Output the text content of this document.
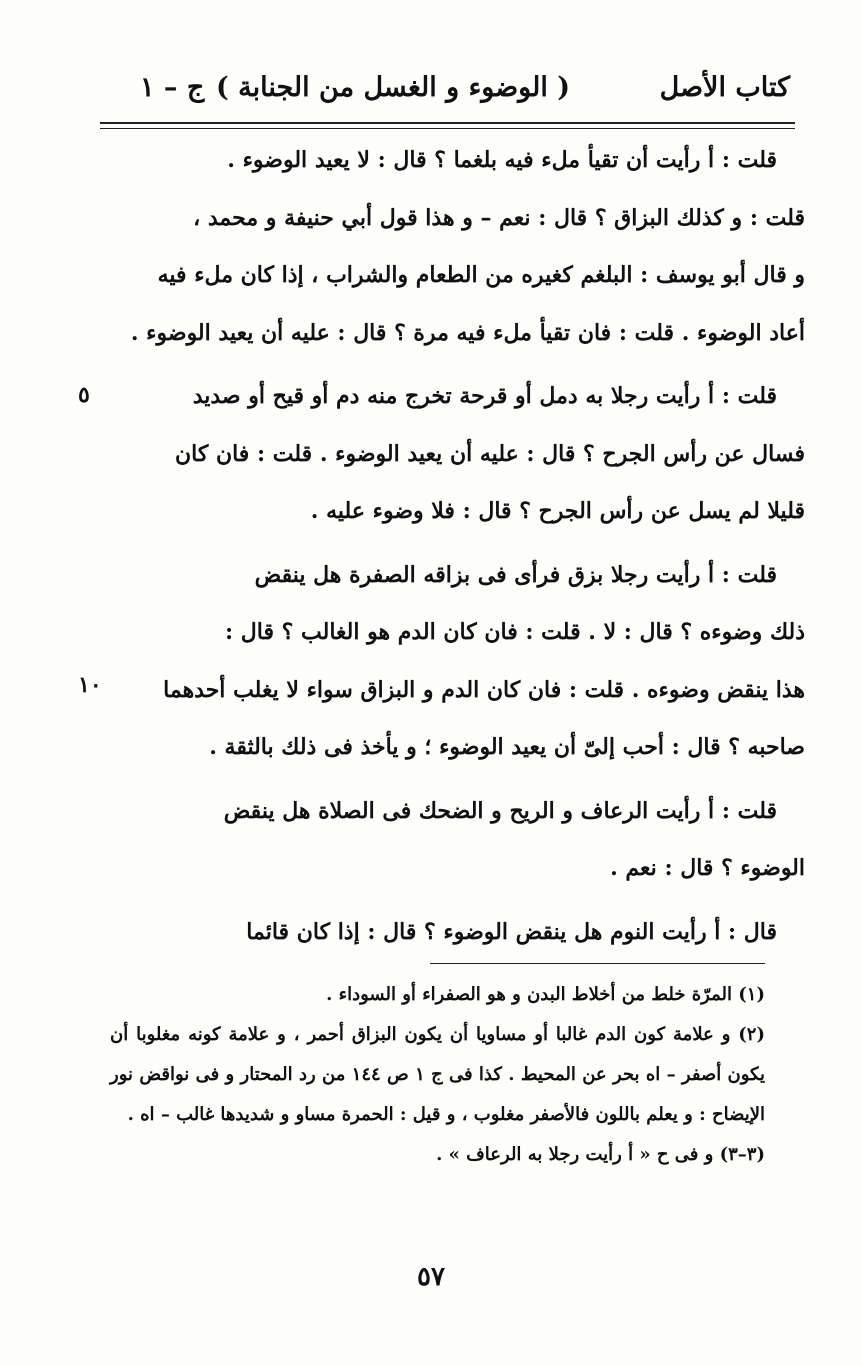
كتاب الأصل
( الوضوء و الغسل من الجنابة )
ج – ١

قلت : أ رأيت أن تقيأ ملء فيه بلغما ؟ قال : لا يعيد الوضوء .

قلت : و كذلك البزاق ؟ قال : نعم – و هذا قول أبي حنيفة و محمد ،

و قال أبو يوسف : البلغم كغيره من الطعام والشراب ، إذا كان ملء فيه

أعاد الوضوء . قلت : فان تقيأ ملء فيه مرة ؟ قال : عليه أن يعيد الوضوء .

قلت : أ رأيت رجلا به دمل أو قرحة تخرج منه دم أو قيح أو صديد

فسال عن رأس الجرح ؟ قال : عليه أن يعيد الوضوء . قلت : فان كان

قليلا لم يسل عن رأس الجرح ؟ قال : فلا وضوء عليه .

قلت : أ رأيت رجلا بزق فرأى فى بزاقه الصفرة هل ينقض

ذلك وضوءه ؟ قال : لا . قلت : فان كان الدم هو الغالب ؟ قال :

هذا ينقض وضوءه . قلت : فان كان الدم و البزاق سواء لا يغلب أحدهما

صاحبه ؟ قال : أحب إلىّ أن يعيد الوضوء ؛ و يأخذ فى ذلك بالثقة .

قلت : أ رأيت الرعاف و الريح و الضحك فى الصلاة هل ينقض

الوضوء ؟ قال : نعم .

قال : أ رأيت النوم هل ينقض الوضوء ؟ قال : إذا كان قائما

٥
١٠

(١) المرّة خلط من أخلاط البدن و هو الصفراء أو السوداء .

(٢) و علامة كون الدم غالبا أو مساويا أن يكون البزاق أحمر ، و علامة كونه مغلوبا أن يكون أصفر – اه بحر عن المحيط . كذا فى ج ١ ص ١٤٤ من رد المحتار و فى نواقض نور الإيضاح : و يعلم باللون فالأصفر مغلوب ، و قيل : الحمرة مساو و شديدها غالب – اه .

(٣–٣) و فى ح « أ رأيت رجلا به الرعاف » .

٥٧
